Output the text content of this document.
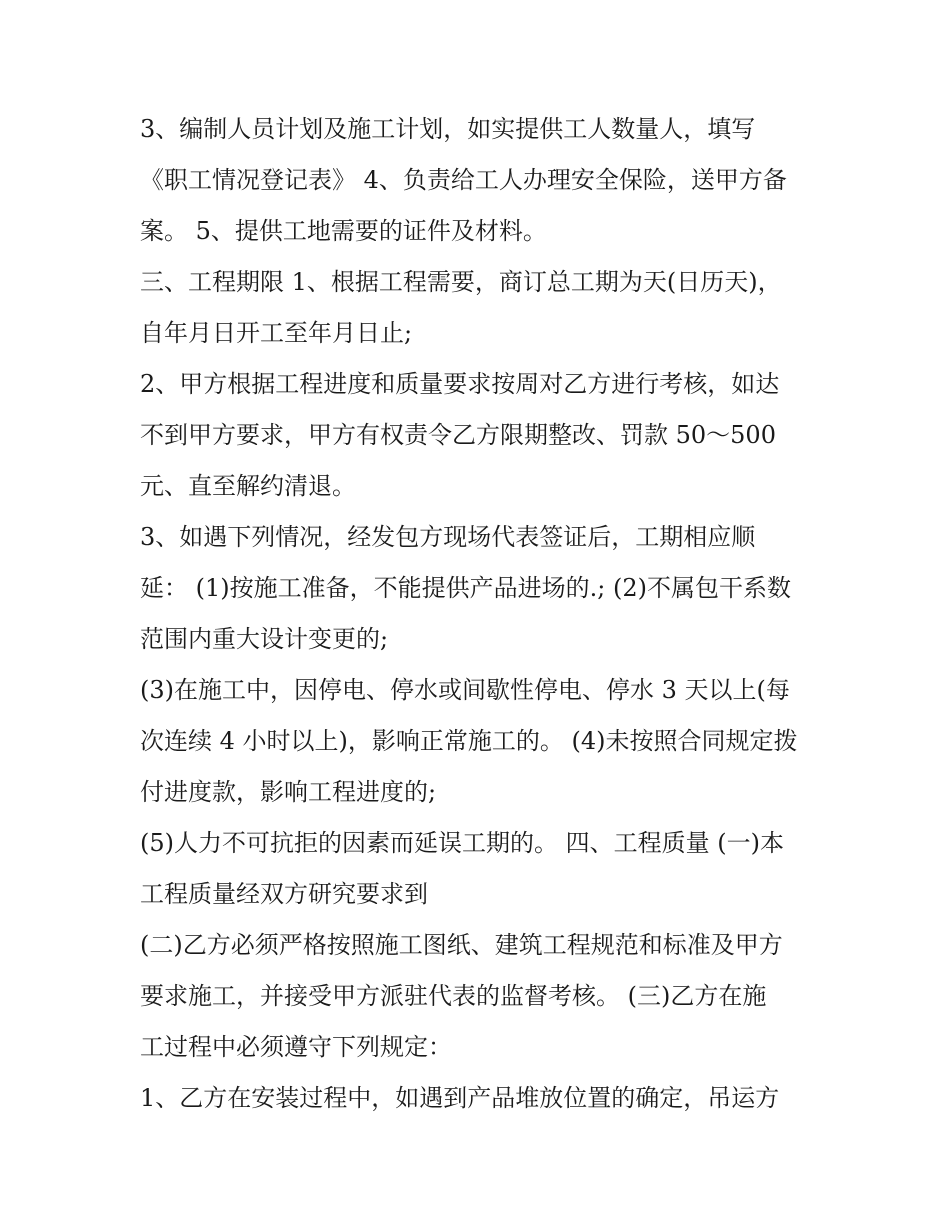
3、编制人员计划及施工计划，如实提供工人数量人，填写

《职工情况登记表》 4、负责给工人办理安全保险，送甲方备

案。 5、提供工地需要的证件及材料。

三、工程期限 1、根据工程需要，商订总工期为天(日历天)，

自年月日开工至年月日止;

2、甲方根据工程进度和质量要求按周对乙方进行考核，如达

不到甲方要求，甲方有权责令乙方限期整改、罚款 50～500

元、直至解约清退。

3、如遇下列情况，经发包方现场代表签证后，工期相应顺

延： (1)按施工准备，不能提供产品进场的.; (2)不属包干系数

范围内重大设计变更的;

(3)在施工中，因停电、停水或间歇性停电、停水 3 天以上(每

次连续 4 小时以上)，影响正常施工的。 (4)未按照合同规定拨

付进度款，影响工程进度的;

(5)人力不可抗拒的因素而延误工期的。 四、工程质量 (一)本

工程质量经双方研究要求到

(二)乙方必须严格按照施工图纸、建筑工程规范和标准及甲方

要求施工，并接受甲方派驻代表的监督考核。 (三)乙方在施

工过程中必须遵守下列规定：

1、乙方在安装过程中，如遇到产品堆放位置的确定，吊运方
